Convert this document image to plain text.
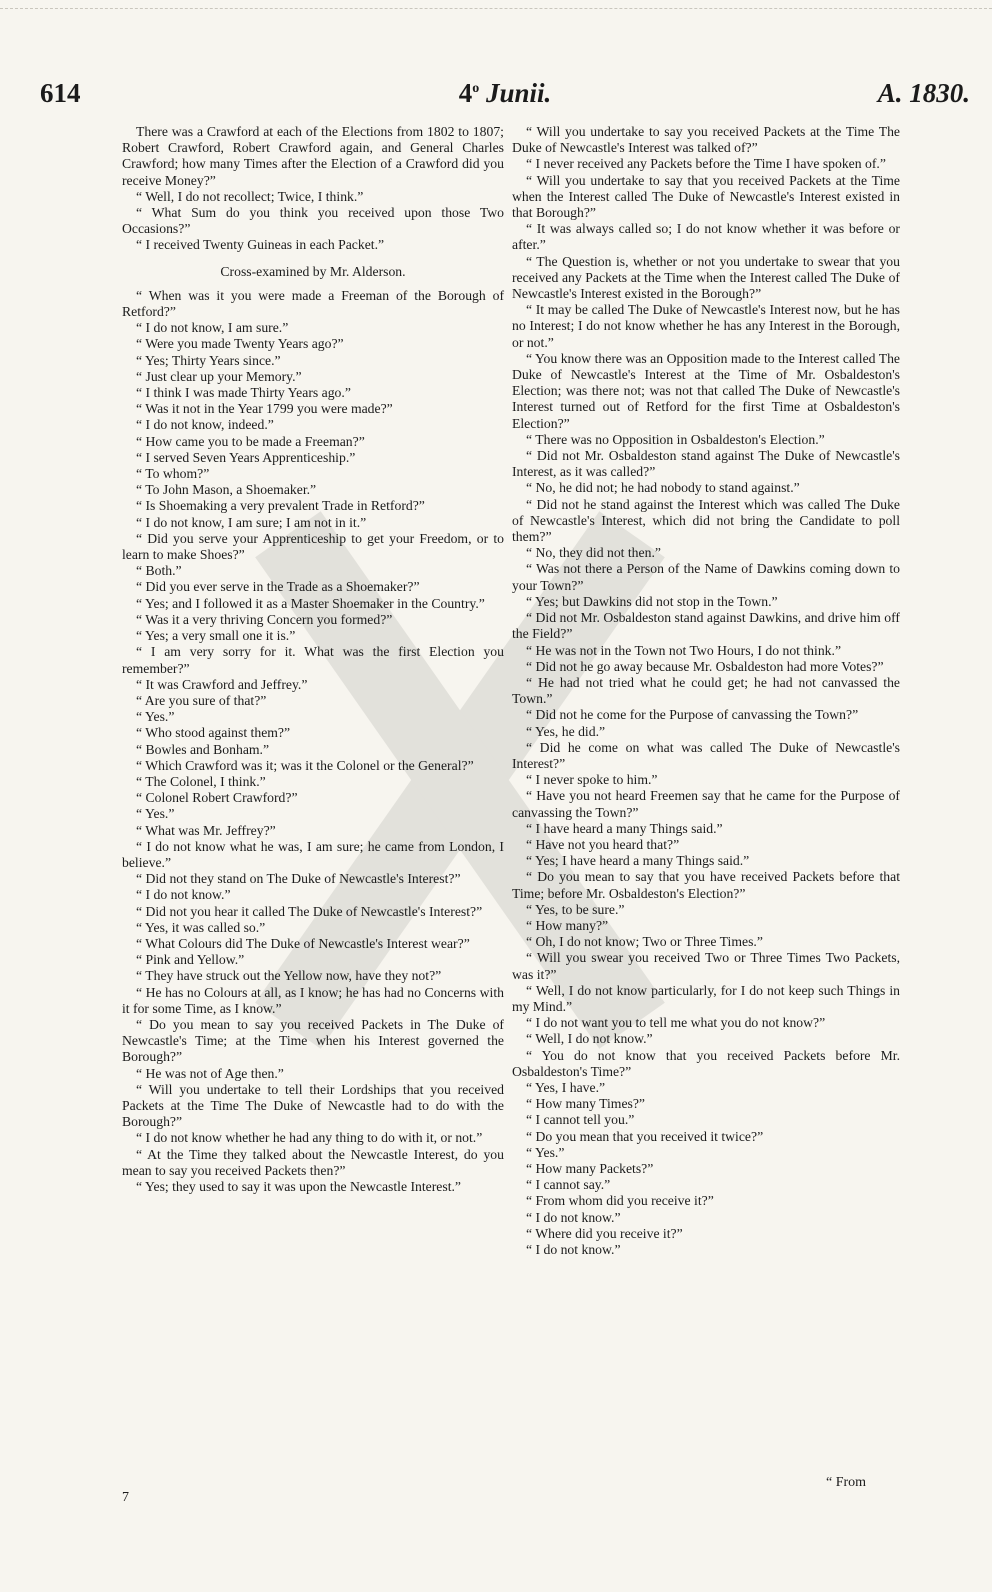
4$^o$ Junii.
614	A. 1830.

There was a Crawford at each of the Elections from 1802 to 1807; Robert Crawford, Robert Crawford again, and General Charles Crawford; how many Times after the Election of a Crawford did you receive Money?”

“ Well, I do not recollect; Twice, I think.”

“ What Sum do you think you received upon those Two Occasions?”

“ I received Twenty Guineas in each Packet.”

Cross-examined by Mr. Alderson.

“ When was it you were made a Freeman of the Borough of Retford?”

“ I do not know, I am sure.”

“ Were you made Twenty Years ago?”

“ Yes; Thirty Years since.”

“ Just clear up your Memory.”

“ I think I was made Thirty Years ago.”

“ Was it not in the Year 1799 you were made?”

“ I do not know, indeed.”

“ How came you to be made a Freeman?”

“ I served Seven Years Apprenticeship.”

“ To whom?”

“ To John Mason, a Shoemaker.”

“ Is Shoemaking a very prevalent Trade in Retford?”

“ I do not know, I am sure; I am not in it.”

“ Did you serve your Apprenticeship to get your Freedom, or to learn to make Shoes?”

“ Both.”

“ Did you ever serve in the Trade as a Shoemaker?”

“ Yes; and I followed it as a Master Shoemaker in the Country.”

“ Was it a very thriving Concern you formed?”

“ Yes; a very small one it is.”

“ I am very sorry for it. What was the first Election you remember?”

“ It was Crawford and Jeffrey.”

“ Are you sure of that?”

“ Yes.”

“ Who stood against them?”

“ Bowles and Bonham.”

“ Which Crawford was it; was it the Colonel or the General?”

“ The Colonel, I think.”

“ Colonel Robert Crawford?”

“ Yes.”

“ What was Mr. Jeffrey?”

“ I do not know what he was, I am sure; he came from London, I believe.”

“ Did not they stand on The Duke of Newcastle's Interest?”

“ I do not know.”

“ Did not you hear it called The Duke of Newcastle's Interest?”

“ Yes, it was called so.”

“ What Colours did The Duke of Newcastle's Interest wear?”

“ Pink and Yellow.”

“ They have struck out the Yellow now, have they not?”

“ He has no Colours at all, as I know; he has had no Concerns with it for some Time, as I know.”

“ Do you mean to say you received Packets in The Duke of Newcastle's Time; at the Time when his Interest governed the Borough?”

“ He was not of Age then.”

“ Will you undertake to tell their Lordships that you received Packets at the Time The Duke of Newcastle had to do with the Borough?”

“ I do not know whether he had any thing to do with it, or not.”

“ At the Time they talked about the Newcastle Interest, do you mean to say you received Packets then?”

“ Yes; they used to say it was upon the Newcastle Interest.”

“ Will you undertake to say you received Packets at the Time The Duke of Newcastle's Interest was talked of?”

“ I never received any Packets before the Time I have spoken of.”

“ Will you undertake to say that you received Packets at the Time when the Interest called The Duke of Newcastle's Interest existed in that Borough?”

“ It was always called so; I do not know whether it was before or after.”

“ The Question is, whether or not you undertake to swear that you received any Packets at the Time when the Interest called The Duke of Newcastle's Interest existed in the Borough?”

“ It may be called The Duke of Newcastle's Interest now, but he has no Interest; I do not know whether he has any Interest in the Borough, or not.”

“ You know there was an Opposition made to the Interest called The Duke of Newcastle's Interest at the Time of Mr. Osbaldeston's Election; was there not; was not that called The Duke of Newcastle's Interest turned out of Retford for the first Time at Osbaldeston's Election?”

“ There was no Opposition in Osbaldeston's Election.”

“ Did not Mr. Osbaldeston stand against The Duke of Newcastle's Interest, as it was called?”

“ No, he did not; he had nobody to stand against.”

“ Did not he stand against the Interest which was called The Duke of Newcastle's Interest, which did not bring the Candidate to poll them?”

“ No, they did not then.”

“ Was not there a Person of the Name of Dawkins coming down to your Town?”

“ Yes; but Dawkins did not stop in the Town.”

“ Did not Mr. Osbaldeston stand against Dawkins, and drive him off the Field?”

“ He was not in the Town not Two Hours, I do not think.”

“ Did not he go away because Mr. Osbaldeston had more Votes?”

“ He had not tried what he could get; he had not canvassed the Town.”

“ Did not he come for the Purpose of canvassing the Town?”

“ Yes, he did.”

“ Did he come on what was called The Duke of Newcastle's Interest?”

“ I never spoke to him.”

“ Have you not heard Freemen say that he came for the Purpose of canvassing the Town?”

“ I have heard a many Things said.”

“ Have not you heard that?”

“ Yes; I have heard a many Things said.”

“ Do you mean to say that you have received Packets before that Time; before Mr. Osbaldeston's Election?”

“ Yes, to be sure.”

“ How many?”

“ Oh, I do not know; Two or Three Times.”

“ Will you swear you received Two or Three Times Two Packets, was it?”

“ Well, I do not know particularly, for I do not keep such Things in my Mind.”

“ I do not want you to tell me what you do not know?”

“ Well, I do not know.”

“ You do not know that you received Packets before Mr. Osbaldeston's Time?”

“ Yes, I have.”

“ How many Times?”

“ I cannot tell you.”

“ Do you mean that you received it twice?”

“ Yes.”

“ How many Packets?”

“ I cannot say.”

“ From whom did you receive it?”

“ I do not know.”

“ Where did you receive it?”

“ I do not know.”

7
“ From
